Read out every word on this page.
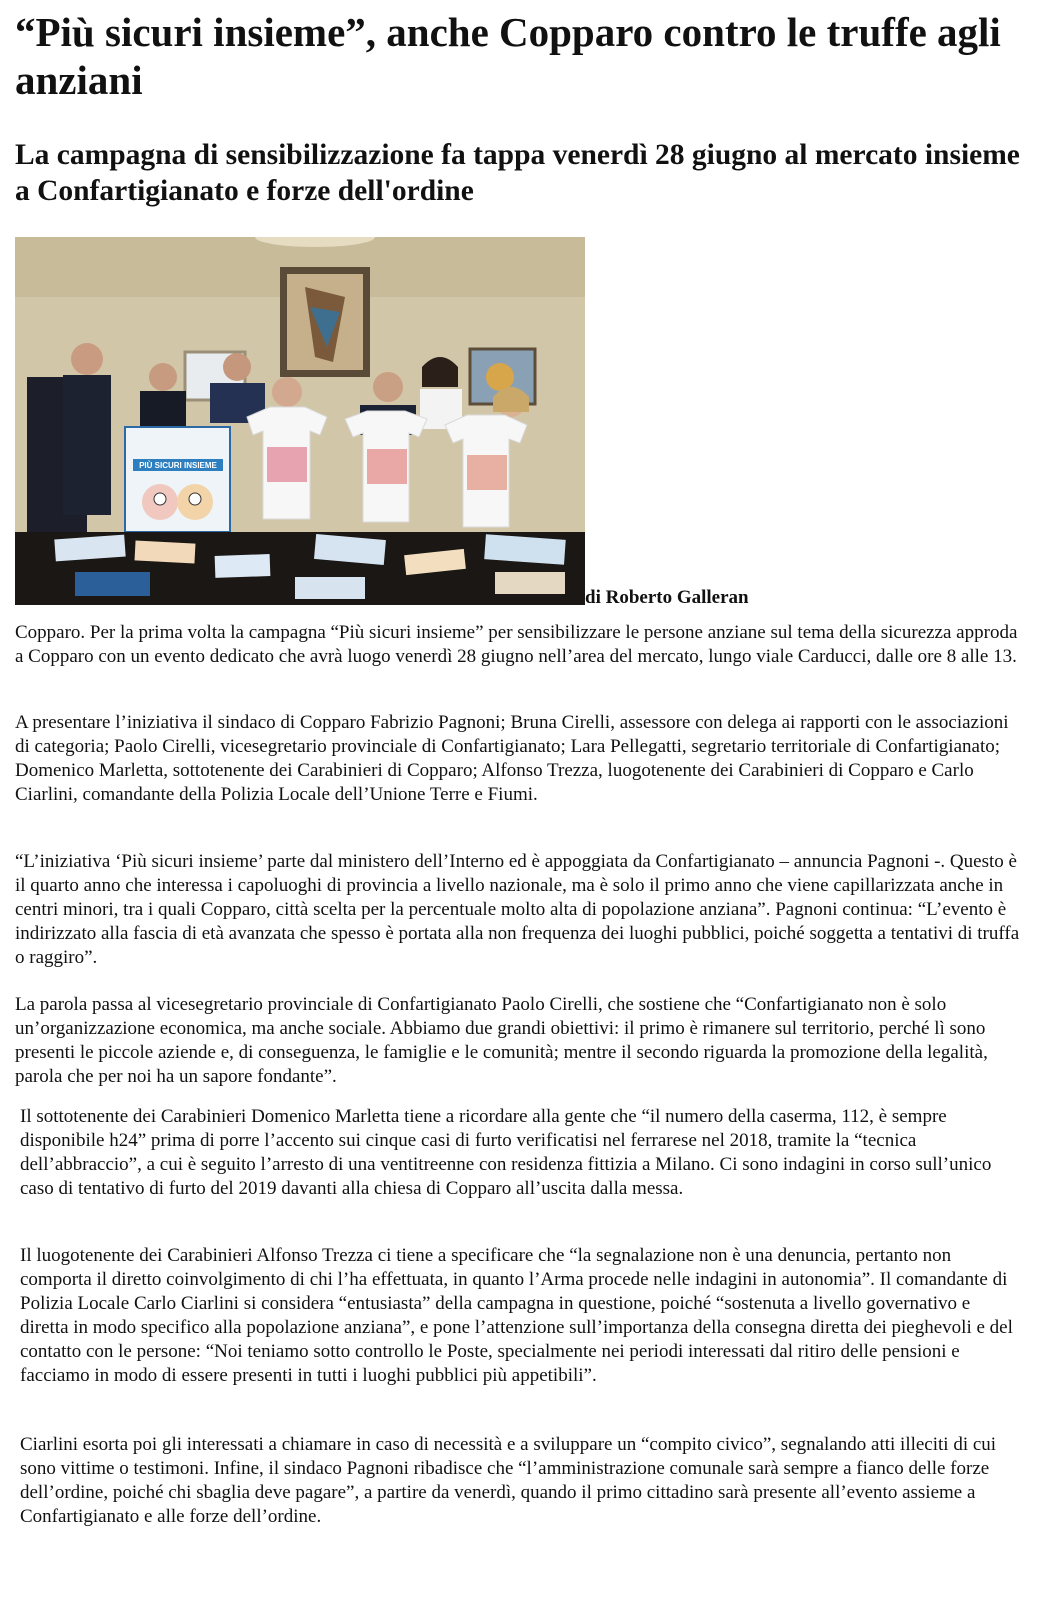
“Più sicuri insieme”, anche Copparo contro le truffe agli anziani
La campagna di sensibilizzazione fa tappa venerdì 28 giugno al mercato insieme a Confartigianato e forze dell'ordine
PIÙ SICURI INSIEME
di Roberto Galleran

Copparo. Per la prima volta la campagna “Più sicuri insieme” per sensibilizzare le persone anziane sul tema della sicurezza approda a Copparo con un evento dedicato che avrà luogo venerdì 28 giugno nell’area del mercato, lungo viale Carducci, dalle ore 8 alle 13.

A presentare l’iniziativa il sindaco di Copparo Fabrizio Pagnoni; Bruna Cirelli, assessore con delega ai rapporti con le associazioni di categoria; Paolo Cirelli, vicesegretario provinciale di Confartigianato; Lara Pellegatti, segretario territoriale di Confartigianato; Domenico Marletta, sottotenente dei Carabinieri di Copparo; Alfonso Trezza, luogotenente dei Carabinieri di Copparo e Carlo Ciarlini, comandante della Polizia Locale dell’Unione Terre e Fiumi.

“L’iniziativa ‘Più sicuri insieme’ parte dal ministero dell’Interno ed è appoggiata da Confartigianato – annuncia Pagnoni -. Questo è il quarto anno che interessa i capoluoghi di provincia a livello nazionale, ma è solo il primo anno che viene capillarizzata anche in centri minori, tra i quali Copparo, città scelta per la percentuale molto alta di popolazione anziana”. Pagnoni continua: “L’evento è indirizzato alla fascia di età avanzata che spesso è portata alla non frequenza dei luoghi pubblici, poiché soggetta a tentativi di truffa o raggiro”.

La parola passa al vicesegretario provinciale di Confartigianato Paolo Cirelli, che sostiene che “Confartigianato non è solo un’organizzazione economica, ma anche sociale. Abbiamo due grandi obiettivi: il primo è rimanere sul territorio, perché lì sono presenti le piccole aziende e, di conseguenza, le famiglie e le comunità; mentre il secondo riguarda la promozione della legalità, parola che per noi ha un sapore fondante”.

Il sottotenente dei Carabinieri Domenico Marletta tiene a ricordare alla gente che “il numero della caserma, 112, è sempre disponibile h24” prima di porre l’accento sui cinque casi di furto verificatisi nel ferrarese nel 2018, tramite la “tecnica dell’abbraccio”, a cui è seguito l’arresto di una ventitreenne con residenza fittizia a Milano. Ci sono indagini in corso sull’unico caso di tentativo di furto del 2019 davanti alla chiesa di Copparo all’uscita dalla messa.

Il luogotenente dei Carabinieri Alfonso Trezza ci tiene a specificare che “la segnalazione non è una denuncia, pertanto non comporta il diretto coinvolgimento di chi l’ha effettuata, in quanto l’Arma procede nelle indagini in autonomia”. Il comandante di Polizia Locale Carlo Ciarlini si considera “entusiasta” della campagna in questione, poiché “sostenuta a livello governativo e diretta in modo specifico alla popolazione anziana”, e pone l’attenzione sull’importanza della consegna diretta dei pieghevoli e del contatto con le persone: “Noi teniamo sotto controllo le Poste, specialmente nei periodi interessati dal ritiro delle pensioni e facciamo in modo di essere presenti in tutti i luoghi pubblici più appetibili”.

Ciarlini esorta poi gli interessati a chiamare in caso di necessità e a sviluppare un “compito civico”, segnalando atti illeciti di cui sono vittime o testimoni. Infine, il sindaco Pagnoni ribadisce che “l’amministrazione comunale sarà sempre a fianco delle forze dell’ordine, poiché chi sbaglia deve pagare”, a partire da venerdì, quando il primo cittadino sarà presente all’evento assieme a Confartigianato e alle forze dell’ordine.
